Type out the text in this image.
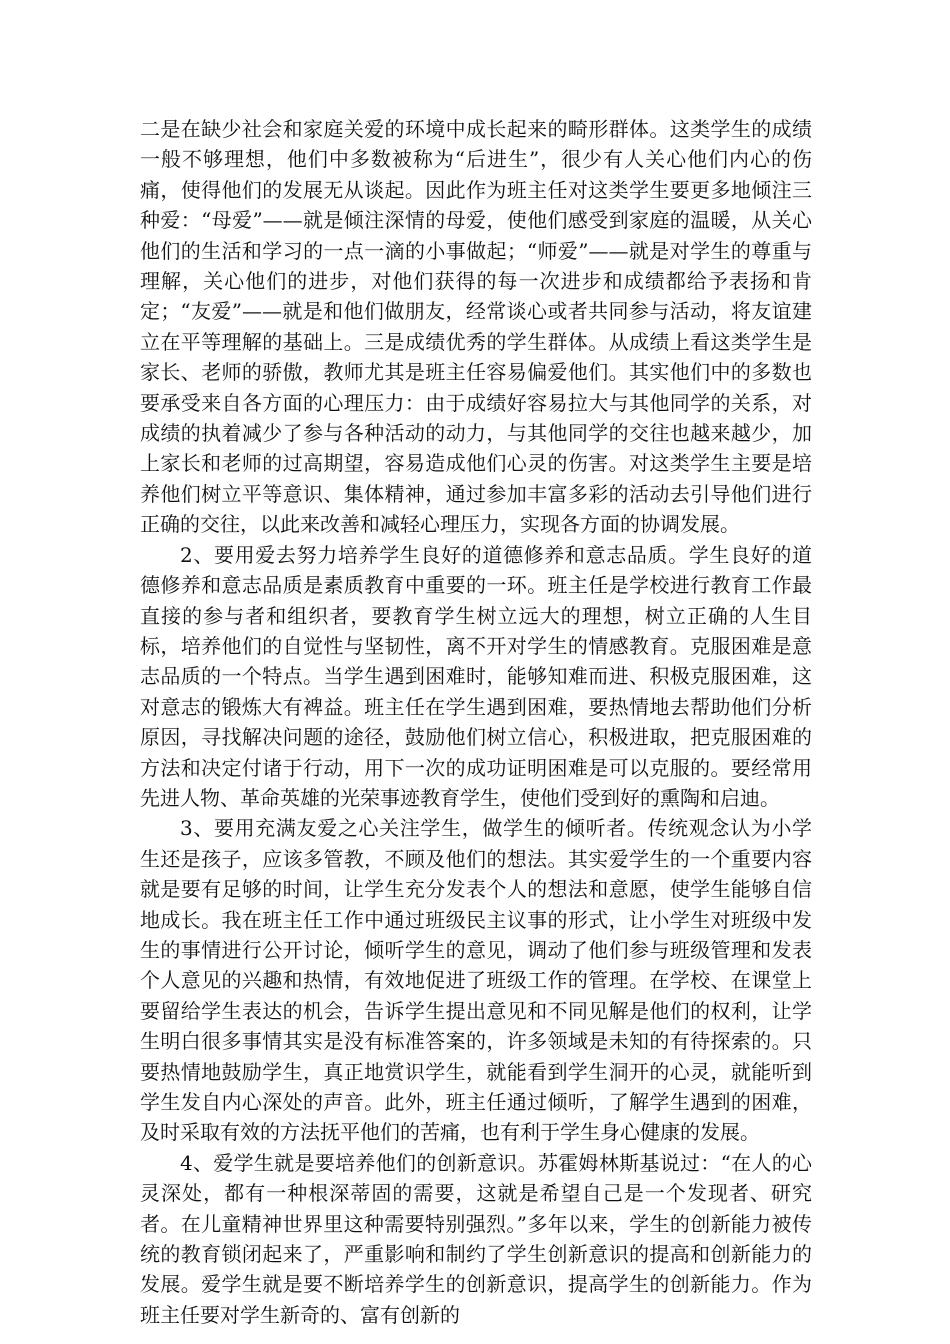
二是在缺少社会和家庭关爱的环境中成长起来的畸形群体。这类学生的成绩一般不够理想，他们中多数被称为“后进生”，很少有人关心他们内心的伤痛，使得他们的发展无从谈起。因此作为班主任对这类学生要更多地倾注三种爱：“母爱”——就是倾注深情的母爱，使他们感受到家庭的温暖，从关心他们的生活和学习的一点一滴的小事做起；“师爱”——就是对学生的尊重与理解，关心他们的进步，对他们获得的每一次进步和成绩都给予表扬和肯定；“友爱”——就是和他们做朋友，经常谈心或者共同参与活动，将友谊建立在平等理解的基础上。三是成绩优秀的学生群体。从成绩上看这类学生是家长、老师的骄傲，教师尤其是班主任容易偏爱他们。其实他们中的多数也要承受来自各方面的心理压力：由于成绩好容易拉大与其他同学的关系，对成绩的执着减少了参与各种活动的动力，与其他同学的交往也越来越少，加上家长和老师的过高期望，容易造成他们心灵的伤害。对这类学生主要是培养他们树立平等意识、集体精神，通过参加丰富多彩的活动去引导他们进行正确的交往，以此来改善和减轻心理压力，实现各方面的协调发展。

2、要用爱去努力培养学生良好的道德修养和意志品质。学生良好的道德修养和意志品质是素质教育中重要的一环。班主任是学校进行教育工作最直接的参与者和组织者，要教育学生树立远大的理想，树立正确的人生目标，培养他们的自觉性与坚韧性，离不开对学生的情感教育。克服困难是意志品质的一个特点。当学生遇到困难时，能够知难而进、积极克服困难，这对意志的锻炼大有裨益。班主任在学生遇到困难，要热情地去帮助他们分析原因，寻找解决问题的途径，鼓励他们树立信心，积极进取，把克服困难的方法和决定付诸于行动，用下一次的成功证明困难是可以克服的。要经常用先进人物、革命英雄的光荣事迹教育学生，使他们受到好的熏陶和启迪。

3、要用充满友爱之心关注学生，做学生的倾听者。传统观念认为小学生还是孩子，应该多管教，不顾及他们的想法。其实爱学生的一个重要内容就是要有足够的时间，让学生充分发表个人的想法和意愿，使学生能够自信地成长。我在班主任工作中通过班级民主议事的形式，让小学生对班级中发生的事情进行公开讨论，倾听学生的意见，调动了他们参与班级管理和发表个人意见的兴趣和热情，有效地促进了班级工作的管理。在学校、在课堂上要留给学生表达的机会，告诉学生提出意见和不同见解是他们的权利，让学生明白很多事情其实是没有标准答案的，许多领域是未知的有待探索的。只要热情地鼓励学生，真正地赏识学生，就能看到学生洞开的心灵，就能听到学生发自内心深处的声音。此外，班主任通过倾听，了解学生遇到的困难，及时采取有效的方法抚平他们的苦痛，也有利于学生身心健康的发展。

4、爱学生就是要培养他们的创新意识。苏霍姆林斯基说过：“在人的心灵深处，都有一种根深蒂固的需要，这就是希望自己是一个发现者、研究者。在儿童精神世界里这种需要特别强烈。”多年以来，学生的创新能力被传统的教育锁闭起来了，严重影响和制约了学生创新意识的提高和创新能力的发展。爱学生就是要不断培养学生的创新意识，提高学生的创新能力。作为班主任要对学生新奇的、富有创新的
